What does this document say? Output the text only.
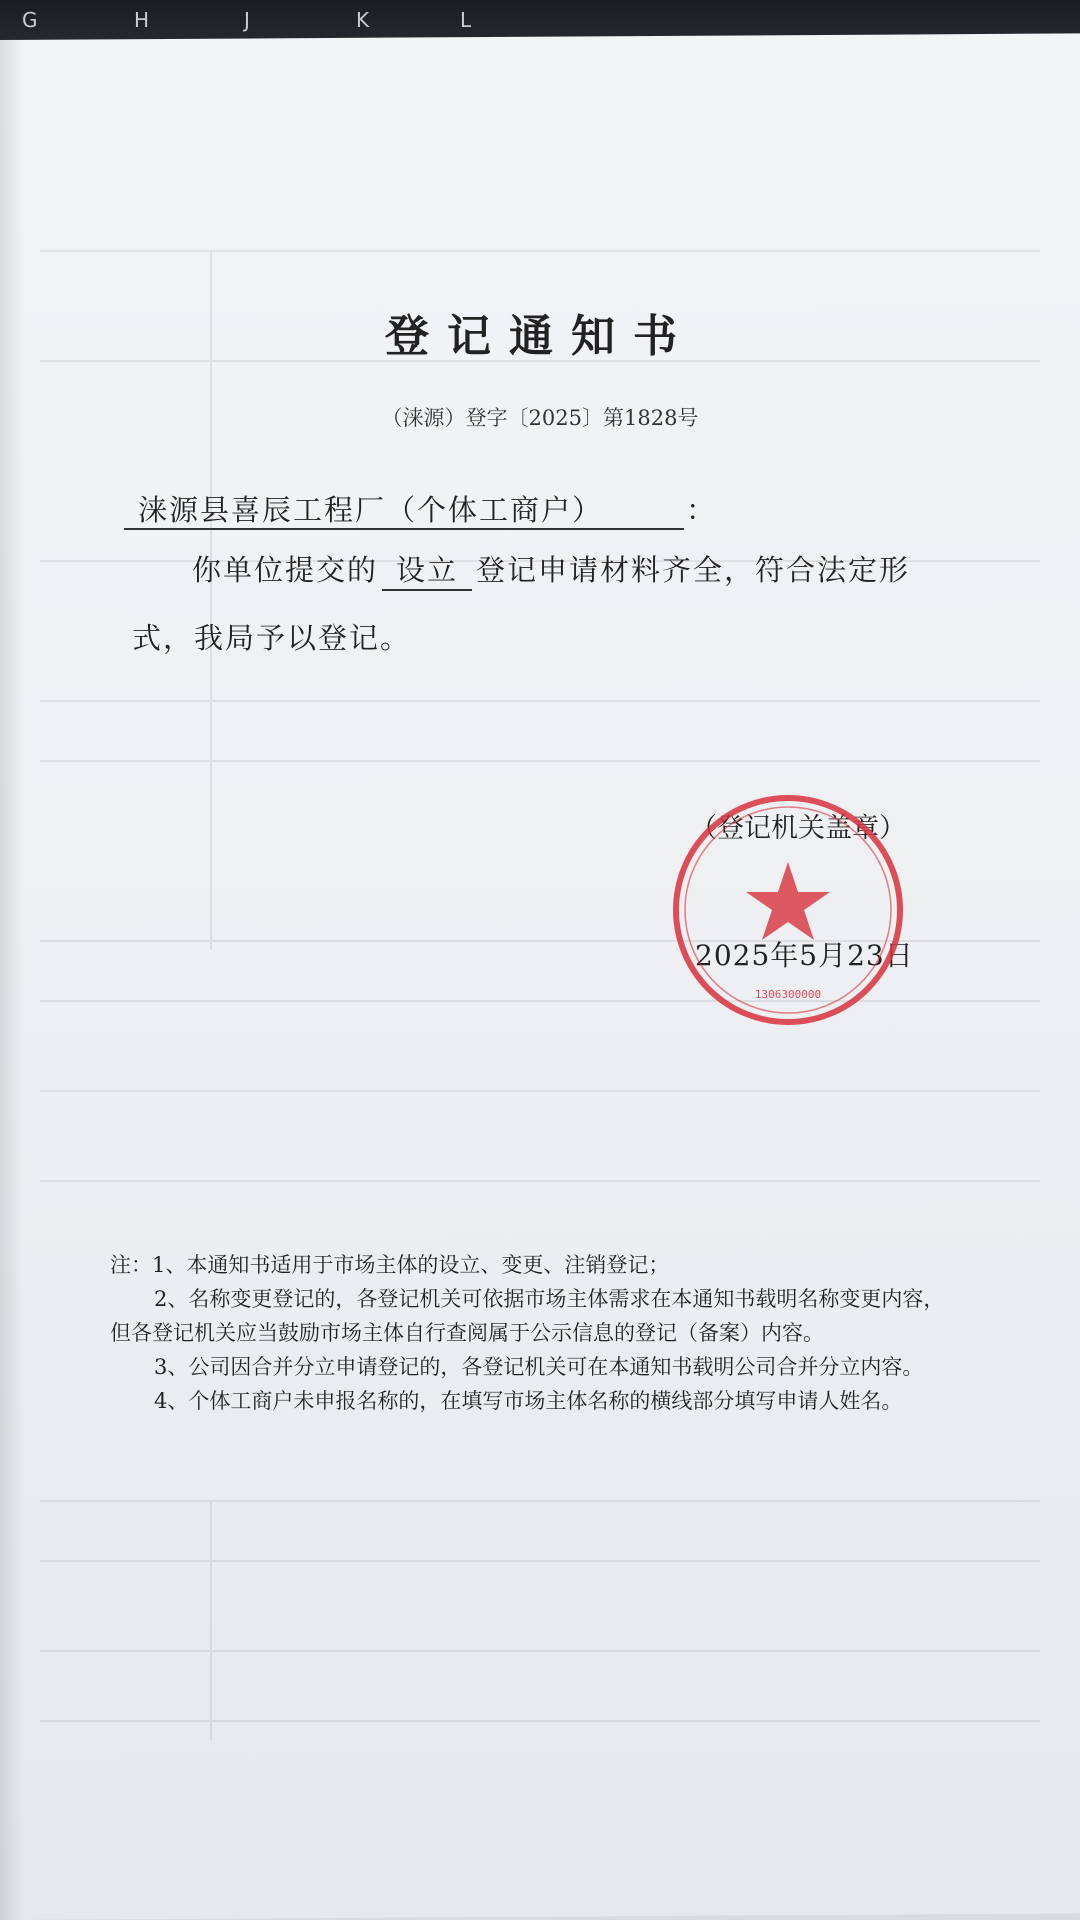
G	H	J	K	L
登记通知书
（涞源）登字〔2025〕第1828号
涞源县喜辰工程厂（个体工商户）	：
你单位提交的 设立 登记申请材料齐全，符合法定形
式，我局予以登记。
（登记机关盖章）
2025年5月23日
1306300000
注：1、本通知书适用于市场主体的设立、变更、注销登记；
2、名称变更登记的，各登记机关可依据市场主体需求在本通知书载明名称变更内容，
但各登记机关应当鼓励市场主体自行查阅属于公示信息的登记（备案）内容。
3、公司因合并分立申请登记的，各登记机关可在本通知书载明公司合并分立内容。
4、个体工商户未申报名称的，在填写市场主体名称的横线部分填写申请人姓名。
